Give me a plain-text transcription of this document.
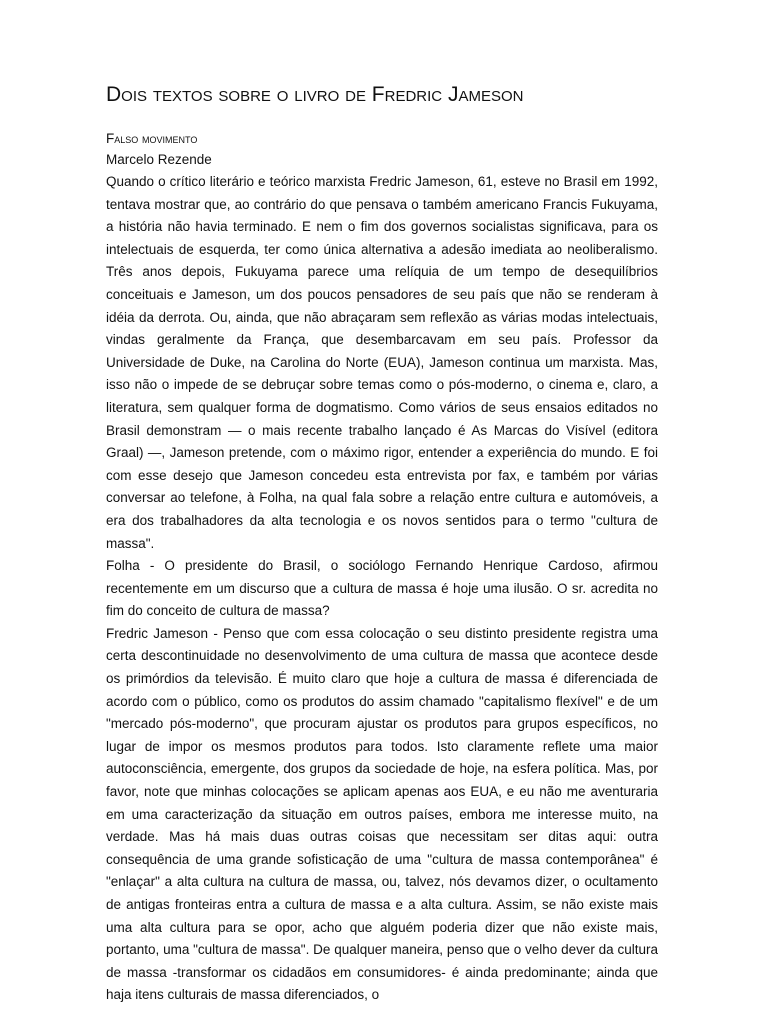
Dois textos sobre o livro de Fredric Jameson
Falso movimento
Marcelo Rezende

Quando o crítico literário e teórico marxista Fredric Jameson, 61, esteve no Brasil em 1992, tentava mostrar que, ao contrário do que pensava o também americano Francis Fukuyama, a história não havia terminado. E nem o fim dos governos socialistas significava, para os intelectuais de esquerda, ter como única alternativa a adesão imediata ao neoliberalismo. Três anos depois, Fukuyama parece uma relíquia de um tempo de desequilíbrios conceituais e Jameson, um dos poucos pensadores de seu país que não se renderam à idéia da derrota. Ou, ainda, que não abraçaram sem reflexão as várias modas intelectuais, vindas geralmente da França, que desembarcavam em seu país. Professor da Universidade de Duke, na Carolina do Norte (EUA), Jameson continua um marxista. Mas, isso não o impede de se debruçar sobre temas como o pós-moderno, o cinema e, claro, a literatura, sem qualquer forma de dogmatismo. Como vários de seus ensaios editados no Brasil demonstram — o mais recente trabalho lançado é As Marcas do Visível (editora Graal) —, Jameson pretende, com o máximo rigor, entender a experiência do mundo. E foi com esse desejo que Jameson concedeu esta entrevista por fax, e também por várias conversar ao telefone, à Folha, na qual fala sobre a relação entre cultura e automóveis, a era dos trabalhadores da alta tecnologia e os novos sentidos para o termo "cultura de massa".

Folha - O presidente do Brasil, o sociólogo Fernando Henrique Cardoso, afirmou recentemente em um discurso que a cultura de massa é hoje uma ilusão. O sr. acredita no fim do conceito de cultura de massa?

Fredric Jameson - Penso que com essa colocação o seu distinto presidente registra uma certa descontinuidade no desenvolvimento de uma cultura de massa que acontece desde os primórdios da televisão. É muito claro que hoje a cultura de massa é diferenciada de acordo com o público, como os produtos do assim chamado "capitalismo flexível" e de um "mercado pós-moderno", que procuram ajustar os produtos para grupos específicos, no lugar de impor os mesmos produtos para todos. Isto claramente reflete uma maior autoconsciência, emergente, dos grupos da sociedade de hoje, na esfera política. Mas, por favor, note que minhas colocações se aplicam apenas aos EUA, e eu não me aventuraria em uma caracterização da situação em outros países, embora me interesse muito, na verdade. Mas há mais duas outras coisas que necessitam ser ditas aqui: outra consequência de uma grande sofisticação de uma "cultura de massa contemporânea" é "enlaçar" a alta cultura na cultura de massa, ou, talvez, nós devamos dizer, o ocultamento de antigas fronteiras entra a cultura de massa e a alta cultura. Assim, se não existe mais uma alta cultura para se opor, acho que alguém poderia dizer que não existe mais, portanto, uma "cultura de massa". De qualquer maneira, penso que o velho dever da cultura de massa -transformar os cidadãos em consumidores- é ainda predominante; ainda que haja itens culturais de massa diferenciados, o
